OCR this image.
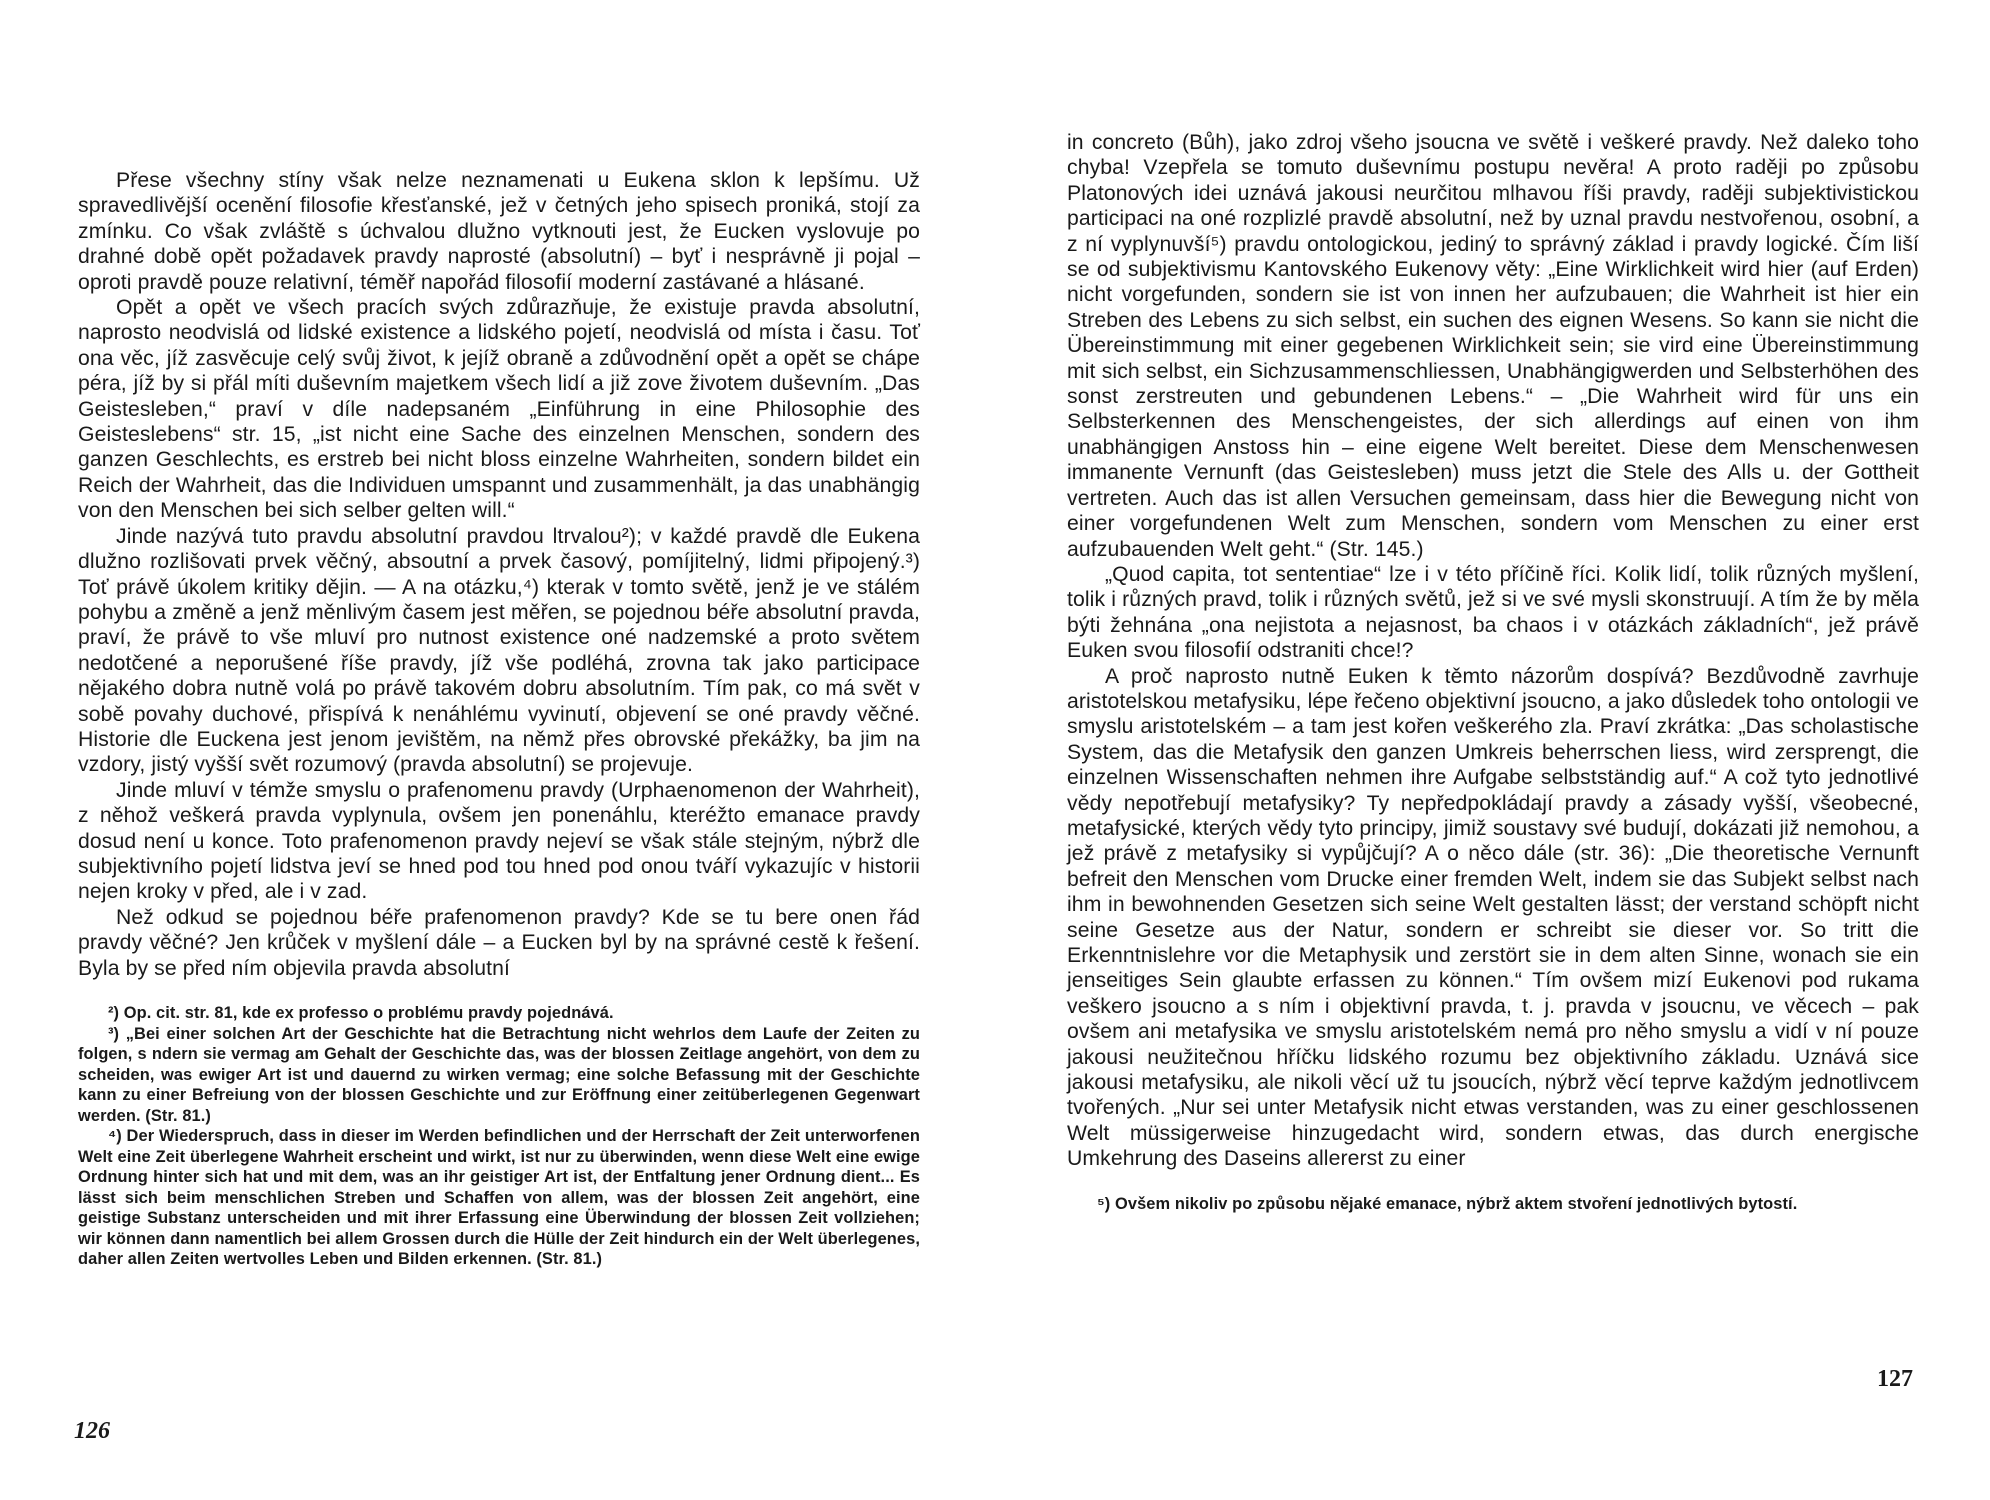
Přese všechny stíny však nelze neznamenati u Eukena sklon k lepšímu. Už spravedlivější ocenění filosofie křesťanské, jež v četných jeho spisech proniká, stojí za zmínku. Co však zvláště s úchvalou dlužno vytknouti jest, že Eucken vyslovuje po drahné době opět požadavek pravdy naprosté (absolutní) – byť i nesprávně ji pojal – oproti pravdě pouze relativní, téměř napořád filosofií moderní zastávané a hlásané.

Opět a opět ve všech pracích svých zdůrazňuje, že existuje pravda absolutní, naprosto neodvislá od lidské existence a lidského pojetí, neodvislá od místa i času. Toť ona věc, jíž zasvěcuje celý svůj život, k jejíž obraně a zdůvodnění opět a opět se chápe péra, jíž by si přál míti duševním majetkem všech lidí a již zove životem duševním. „Das Geistesleben,“ praví v díle nadepsaném „Einführung in eine Philosophie des Geisteslebens“ str. 15, „ist nicht eine Sache des einzelnen Menschen, sondern des ganzen Geschlechts, es erstreb bei nicht bloss einzelne Wahrheiten, sondern bildet ein Reich der Wahrheit, das die Individuen umspannt und zusammenhält, ja das unabhängig von den Menschen bei sich selber gelten will.“

Jinde nazývá tuto pravdu absolutní pravdou ltrvalou²); v každé pravdě dle Eukena dlužno rozlišovati prvek věčný, absoutní a prvek časový, pomíjitelný, lidmi připojený.³) Toť právě úkolem kritiky dějin. — A na otázku,⁴) kterak v tomto světě, jenž je ve stálém pohybu a změně a jenž měnlivým časem jest měřen, se pojednou béře absolutní pravda, praví, že právě to vše mluví pro nutnost existence oné nadzemské a proto světem nedotčené a neporušené říše pravdy, jíž vše podléhá, zrovna tak jako participace nějakého dobra nutně volá po právě takovém dobru absolutním. Tím pak, co má svět v sobě povahy duchové, přispívá k nenáhlému vyvinutí, objevení se oné pravdy věčné. Historie dle Euckena jest jenom jevištěm, na němž přes obrovské překážky, ba jim na vzdory, jistý vyšší svět rozumový (pravda absolutní) se projevuje.

Jinde mluví v témže smyslu o prafenomenu pravdy (Urphaenomenon der Wahrheit), z něhož veškerá pravda vyplynula, ovšem jen ponenáhlu, kteréžto emanace pravdy dosud není u konce. Toto prafenomenon pravdy nejeví se však stále stejným, nýbrž dle subjektivního pojetí lidstva jeví se hned pod tou hned pod onou tváří vykazujíc v historii nejen kroky v před, ale i v zad.

Než odkud se pojednou béře prafenomenon pravdy? Kde se tu bere onen řád pravdy věčné? Jen krůček v myšlení dále – a Eucken byl by na správné cestě k řešení. Byla by se před ním objevila pravda absolutní

²) Op. cit. str. 81, kde ex professo o problému pravdy pojednává.

³) „Bei einer solchen Art der Geschichte hat die Betrachtung nicht wehrlos dem Laufe der Zeiten zu folgen, s ndern sie vermag am Gehalt der Geschichte das, was der blossen Zeitlage angehört, von dem zu scheiden, was ewiger Art ist und dauernd zu wirken vermag; eine solche Befassung mit der Geschichte kann zu einer Befreiung von der blossen Geschichte und zur Eröffnung einer zeitüberlegenen Gegenwart werden. (Str. 81.)

⁴) Der Wiederspruch, dass in dieser im Werden befindlichen und der Herrschaft der Zeit unterworfenen Welt eine Zeit überlegene Wahrheit erscheint und wirkt, ist nur zu überwinden, wenn diese Welt eine ewige Ordnung hinter sich hat und mit dem, was an ihr geistiger Art ist, der Entfaltung jener Ordnung dient... Es lässt sich beim menschlichen Streben und Schaffen von allem, was der blossen Zeit angehört, eine geistige Substanz unterscheiden und mit ihrer Erfassung eine Überwindung der blossen Zeit vollziehen; wir können dann namentlich bei allem Grossen durch die Hülle der Zeit hindurch ein der Welt überlegenes, daher allen Zeiten wertvolles Leben und Bilden erkennen. (Str. 81.)

126

in concreto (Bůh), jako zdroj všeho jsoucna ve světě i veškeré pravdy. Než daleko toho chyba! Vzepřela se tomuto duševnímu postupu nevěra! A proto raději po způsobu Platonových idei uznává jakousi neurčitou mlhavou říši pravdy, raději subjektivistickou participaci na oné rozplizlé pravdě absolutní, než by uznal pravdu nestvořenou, osobní, a z ní vyplynuvší⁵) pravdu ontologickou, jediný to správný základ i pravdy logické. Čím liší se od subjektivismu Kantovského Eukenovy věty: „Eine Wirklichkeit wird hier (auf Erden) nicht vorgefunden, sondern sie ist von innen her aufzubauen; die Wahrheit ist hier ein Streben des Lebens zu sich selbst, ein suchen des eignen Wesens. So kann sie nicht die Übereinstimmung mit einer gegebenen Wirklichkeit sein; sie vird eine Übereinstimmung mit sich selbst, ein Sichzusammenschliessen, Unabhängigwerden und Selbsterhöhen des sonst zerstreuten und gebundenen Lebens.“ – „Die Wahrheit wird für uns ein Selbsterkennen des Menschengeistes, der sich allerdings auf einen von ihm unabhängigen Anstoss hin – eine eigene Welt bereitet. Diese dem Menschenwesen immanente Vernunft (das Geistesleben) muss jetzt die Stele des Alls u. der Gottheit vertreten. Auch das ist allen Versuchen gemeinsam, dass hier die Bewegung nicht von einer vorgefundenen Welt zum Menschen, sondern vom Menschen zu einer erst aufzubauenden Welt geht.“ (Str. 145.)

„Quod capita, tot sententiae“ lze i v této příčině říci. Kolik lidí, tolik různých myšlení, tolik i různých pravd, tolik i různých světů, jež si ve své mysli skonstruují. A tím že by měla býti žehnána „ona nejistota a nejasnost, ba chaos i v otázkách základních“, jež právě Euken svou filosofií odstraniti chce!?

A proč naprosto nutně Euken k těmto názorům dospívá? Bezdůvodně zavrhuje aristotelskou metafysiku, lépe řečeno objektivní jsoucno, a jako důsledek toho ontologii ve smyslu aristotelském – a tam jest kořen veškerého zla. Praví zkrátka: „Das scholastische System, das die Metafysik den ganzen Umkreis beherrschen liess, wird zersprengt, die einzelnen Wissenschaften nehmen ihre Aufgabe selbstständig auf.“ A což tyto jednotlivé vědy nepotřebují metafysiky? Ty nepředpokládají pravdy a zásady vyšší, všeobecné, metafysické, kterých vědy tyto principy, jimiž soustavy své budují, dokázati již nemohou, a jež právě z metafysiky si vypůjčují? A o něco dále (str. 36): „Die theoretische Vernunft befreit den Menschen vom Drucke einer fremden Welt, indem sie das Subjekt selbst nach ihm in bewohnenden Gesetzen sich seine Welt gestalten lässt; der verstand schöpft nicht seine Gesetze aus der Natur, sondern er schreibt sie dieser vor. So tritt die Erkenntnislehre vor die Metaphysik und zerstört sie in dem alten Sinne, wonach sie ein jenseitiges Sein glaubte erfassen zu können.“ Tím ovšem mizí Eukenovi pod rukama veškero jsoucno a s ním i objektivní pravda, t. j. pravda v jsoucnu, ve věcech – pak ovšem ani metafysika ve smyslu aristotelském nemá pro něho smyslu a vidí v ní pouze jakousi neužitečnou hříčku lidského rozumu bez objektivního základu. Uznává sice jakousi metafysiku, ale nikoli věcí už tu jsoucích, nýbrž věcí teprve každým jednotlivcem tvořených. „Nur sei unter Metafysik nicht etwas verstanden, was zu einer geschlossenen Welt müssigerweise hinzugedacht wird, sondern etwas, das durch energische Umkehrung des Daseins allererst zu einer

⁵) Ovšem nikoliv po způsobu nějaké emanace, nýbrž aktem stvoření jednotlivých bytostí.

127
